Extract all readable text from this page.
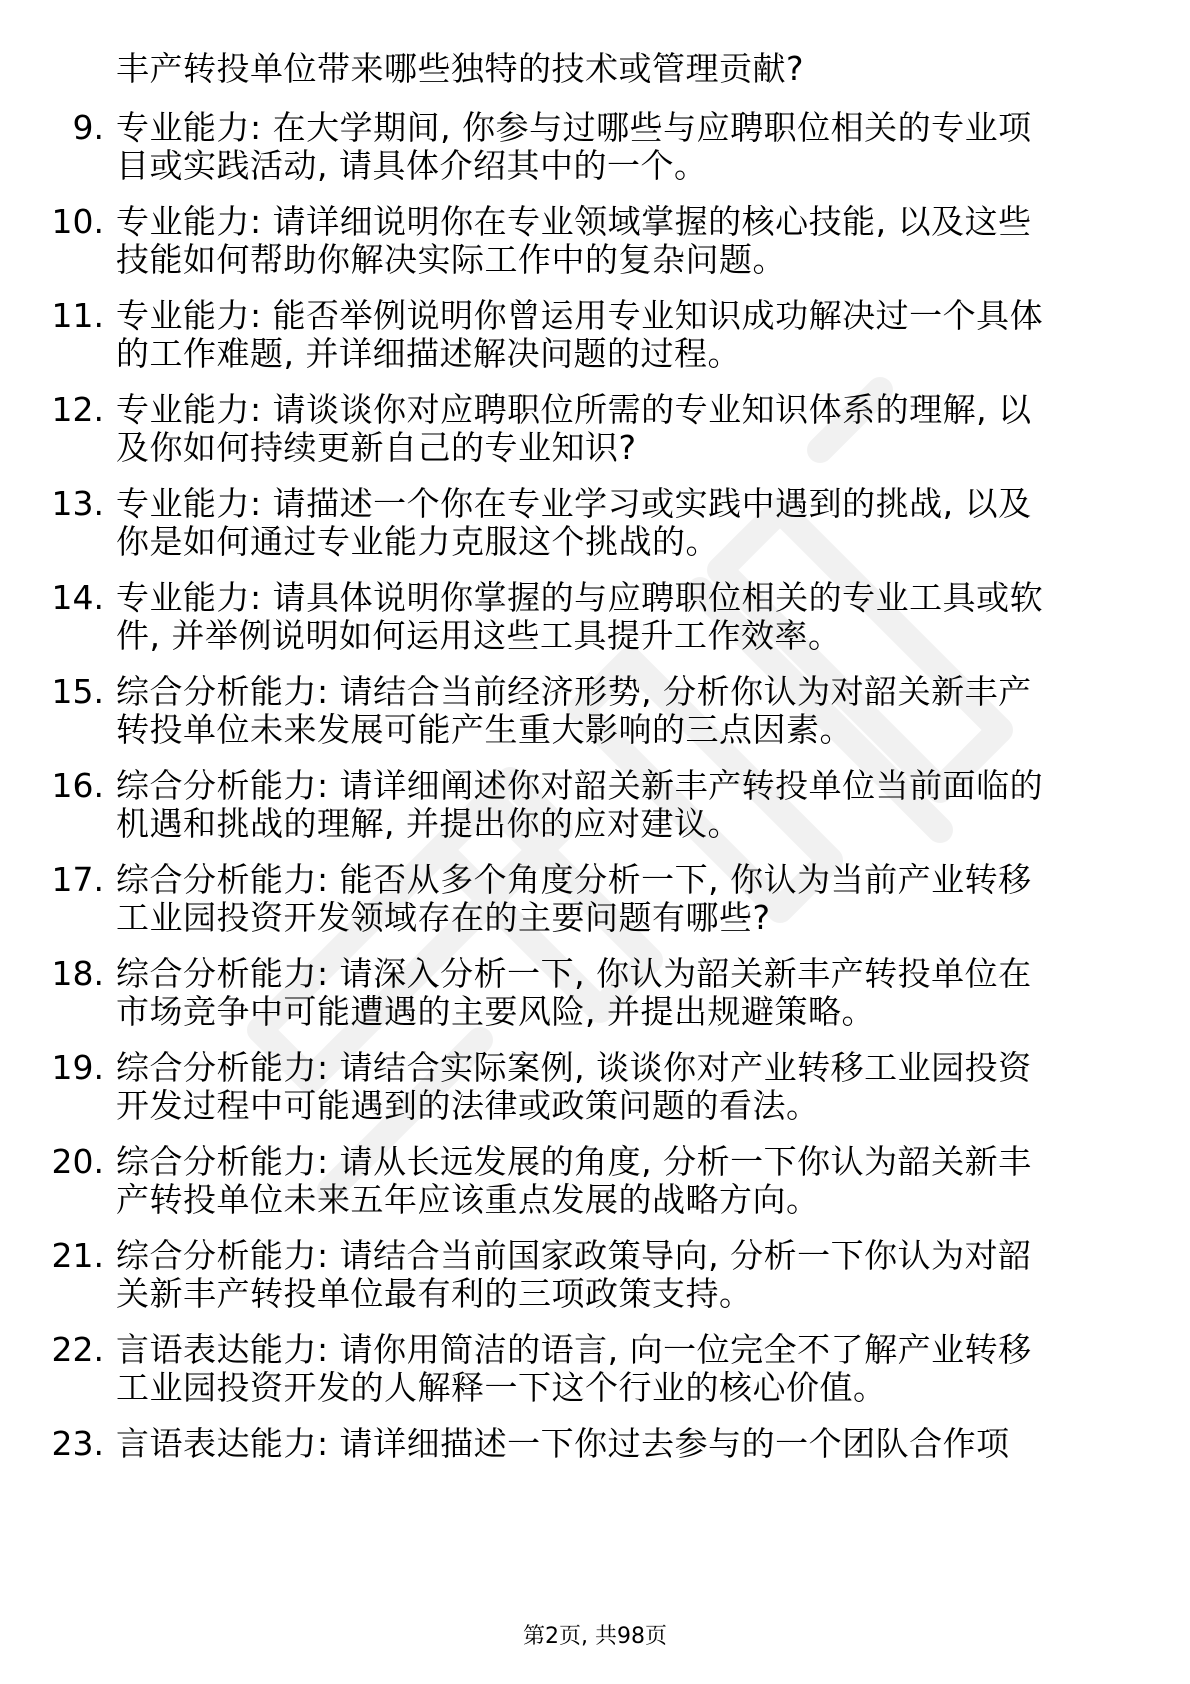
丰产转投单位带来哪些独特的技术或管理贡献?
9. 专业能力: 在大学期间, 你参与过哪些与应聘职位相关的专业项
目或实践活动, 请具体介绍其中的一个。
10. 专业能力: 请详细说明你在专业领域掌握的核心技能, 以及这些
技能如何帮助你解决实际工作中的复杂问题。
11. 专业能力: 能否举例说明你曾运用专业知识成功解决过一个具体
的工作难题, 并详细描述解决问题的过程。
12. 专业能力: 请谈谈你对应聘职位所需的专业知识体系的理解, 以
及你如何持续更新自己的专业知识?
13. 专业能力: 请描述一个你在专业学习或实践中遇到的挑战, 以及
你是如何通过专业能力克服这个挑战的。
14. 专业能力: 请具体说明你掌握的与应聘职位相关的专业工具或软
件, 并举例说明如何运用这些工具提升工作效率。
15. 综合分析能力: 请结合当前经济形势, 分析你认为对韶关新丰产
转投单位未来发展可能产生重大影响的三点因素。
16. 综合分析能力: 请详细阐述你对韶关新丰产转投单位当前面临的
机遇和挑战的理解, 并提出你的应对建议。
17. 综合分析能力: 能否从多个角度分析一下, 你认为当前产业转移
工业园投资开发领域存在的主要问题有哪些?
18. 综合分析能力: 请深入分析一下, 你认为韶关新丰产转投单位在
市场竞争中可能遭遇的主要风险, 并提出规避策略。
19. 综合分析能力: 请结合实际案例, 谈谈你对产业转移工业园投资
开发过程中可能遇到的法律或政策问题的看法。
20. 综合分析能力: 请从长远发展的角度, 分析一下你认为韶关新丰
产转投单位未来五年应该重点发展的战略方向。
21. 综合分析能力: 请结合当前国家政策导向, 分析一下你认为对韶
关新丰产转投单位最有利的三项政策支持。
22. 言语表达能力: 请你用简洁的语言, 向一位完全不了解产业转移
工业园投资开发的人解释一下这个行业的核心价值。
23. 言语表达能力: 请详细描述一下你过去参与的一个团队合作项
第2页, 共98页
